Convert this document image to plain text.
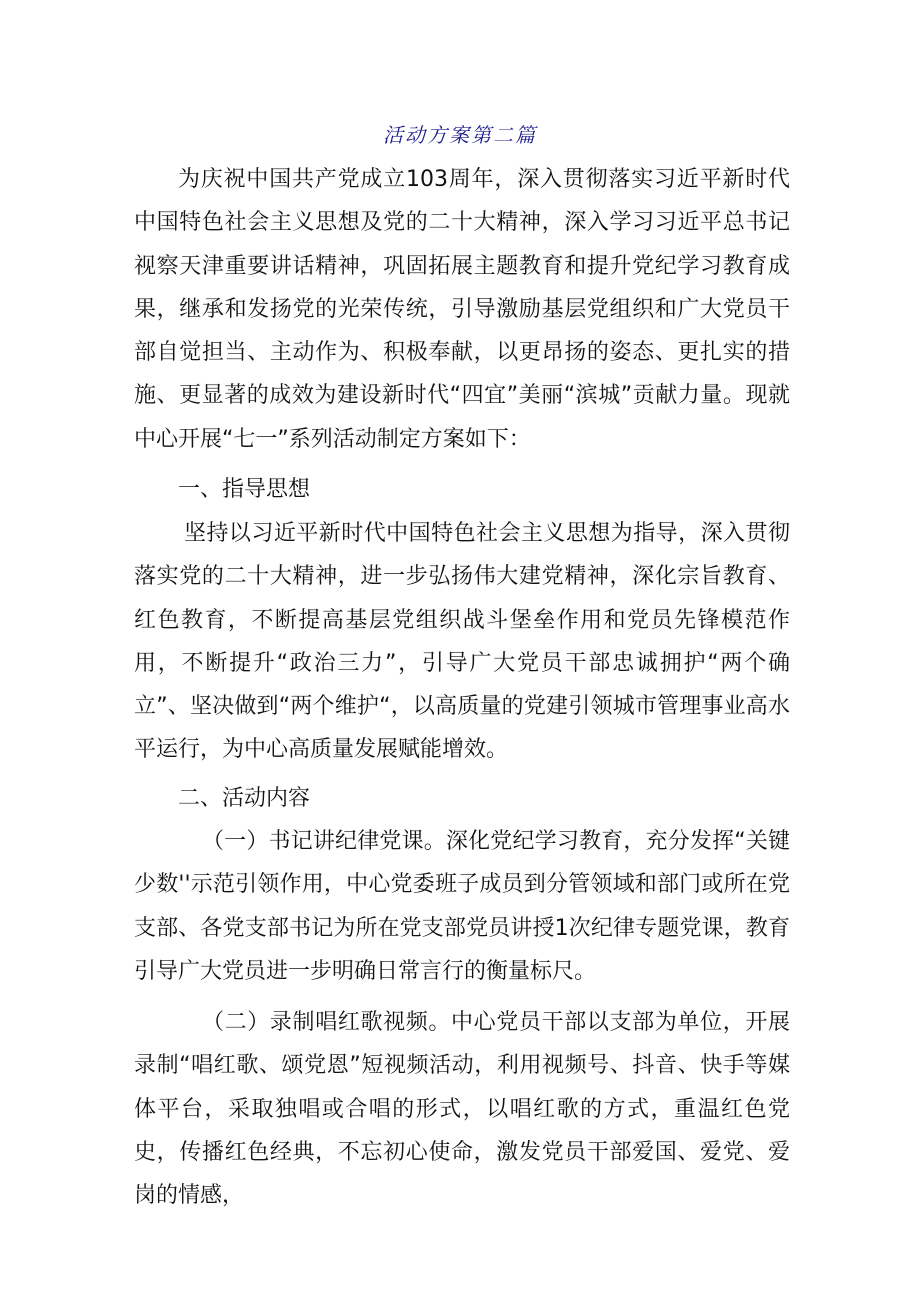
活动方案第二篇
为庆祝中国共产党成立103周年，深入贯彻落实习近平新时代中国特色社会主义思想及党的二十大精神，深入学习习近平总书记视察天津重要讲话精神，巩固拓展主题教育和提升党纪学习教育成果，继承和发扬党的光荣传统，引导激励基层党组织和广大党员干部自觉担当、主动作为、积极奉献，以更昂扬的姿态、更扎实的措施、更显著的成效为建设新时代“四宜”美丽“滨城”贡献力量。现就中心开展“七一”系列活动制定方案如下：
一、指导思想
坚持以习近平新时代中国特色社会主义思想为指导，深入贯彻落实党的二十大精神，进一步弘扬伟大建党精神，深化宗旨教育、红色教育，不断提高基层党组织战斗堡垒作用和党员先锋模范作用，不断提升“政治三力”，引导广大党员干部忠诚拥护“两个确立”、坚决做到“两个维护“，以高质量的党建引领城市管理事业高水平运行，为中心高质量发展赋能增效。
二、活动内容
（一）书记讲纪律党课。深化党纪学习教育，充分发挥“关键少数''示范引领作用，中心党委班子成员到分管领域和部门或所在党支部、各党支部书记为所在党支部党员讲授1次纪律专题党课，教育引导广大党员进一步明确日常言行的衡量标尺。
（二）录制唱红歌视频。中心党员干部以支部为单位，开展录制“唱红歌、颂党恩”短视频活动，利用视频号、抖音、快手等媒体平台，采取独唱或合唱的形式，以唱红歌的方式，重温红色党史，传播红色经典，不忘初心使命，激发党员干部爱国、爱党、爱岗的情感，
